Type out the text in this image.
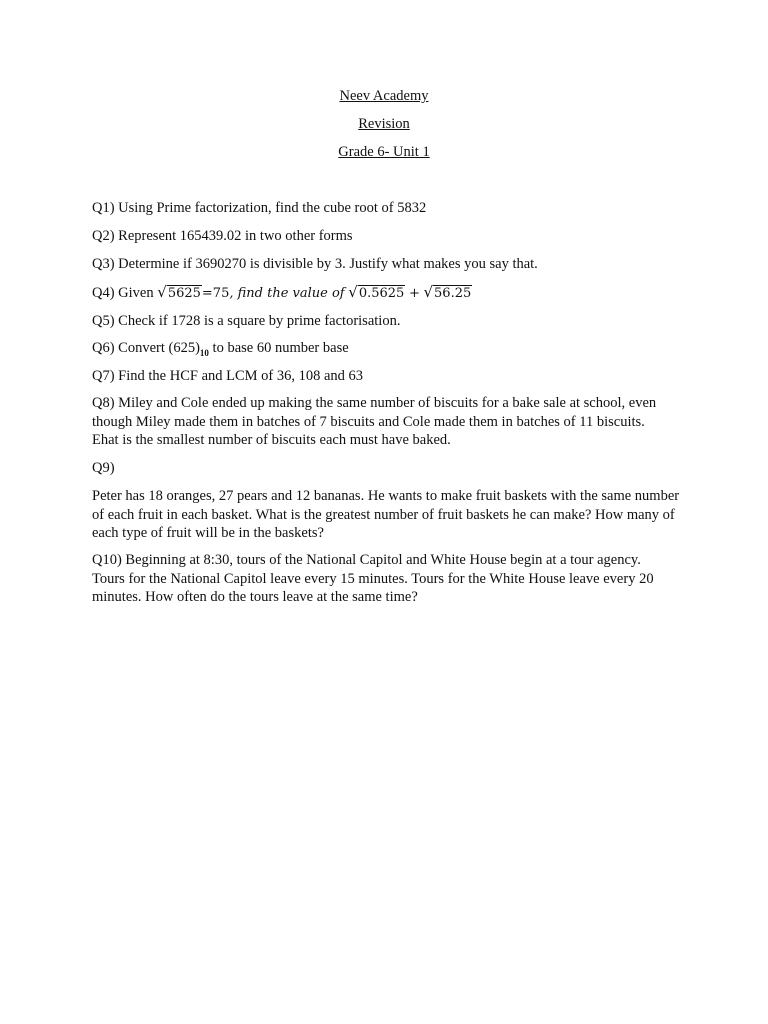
Neev Academy
Revision
Grade 6- Unit 1
Q1) Using Prime factorization, find the cube root of 5832
Q2) Represent 165439.02 in two other forms
Q3) Determine if 3690270 is divisible by 3. Justify what makes you say that.
Q4) Given √5625=75, find the value of √0.5625 + √56.25
Q5) Check if 1728 is a square by prime factorisation.
Q6) Convert $(625)_{10}$ to base 60 number base
Q7) Find the HCF and LCM of 36, 108 and 63
Q8) Miley and Cole ended up making the same number of biscuits for a bake sale at school, even though Miley made them in batches of 7 biscuits and Cole made them in batches of 11 biscuits. Ehat is the smallest number of biscuits each must have baked.
Q9)
Peter has 18 oranges, 27 pears and 12 bananas. He wants to make fruit baskets with the same number of each fruit in each basket. What is the greatest number of fruit baskets he can make? How many of each type of fruit will be in the baskets?
Q10) Beginning at 8:30, tours of the National Capitol and White House begin at a tour agency. Tours for the National Capitol leave every 15 minutes. Tours for the White House leave every 20 minutes. How often do the tours leave at the same time?
